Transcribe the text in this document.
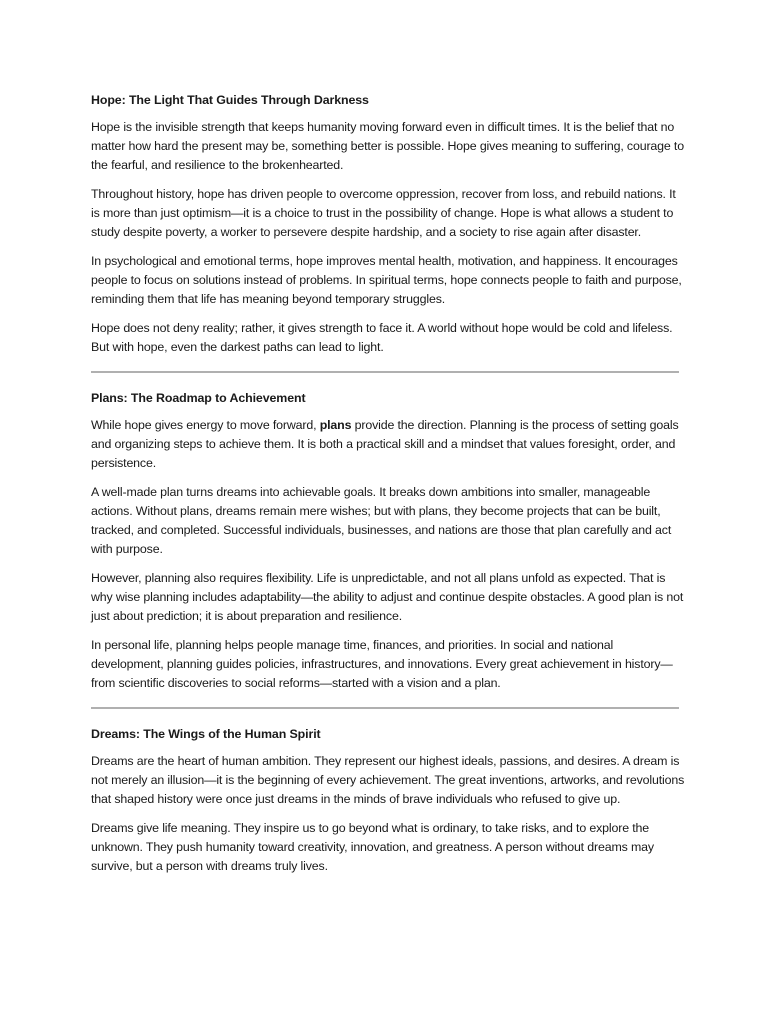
Hope: The Light That Guides Through Darkness

Hope is the invisible strength that keeps humanity moving forward even in difficult times. It is the belief that no matter how hard the present may be, something better is possible. Hope gives meaning to suffering, courage to the fearful, and resilience to the brokenhearted.

Throughout history, hope has driven people to overcome oppression, recover from loss, and rebuild nations. It is more than just optimism—it is a choice to trust in the possibility of change. Hope is what allows a student to study despite poverty, a worker to persevere despite hardship, and a society to rise again after disaster.

In psychological and emotional terms, hope improves mental health, motivation, and happiness. It encourages people to focus on solutions instead of problems. In spiritual terms, hope connects people to faith and purpose, reminding them that life has meaning beyond temporary struggles.

Hope does not deny reality; rather, it gives strength to face it. A world without hope would be cold and lifeless. But with hope, even the darkest paths can lead to light.

Plans: The Roadmap to Achievement

While hope gives energy to move forward, plans provide the direction. Planning is the process of setting goals and organizing steps to achieve them. It is both a practical skill and a mindset that values foresight, order, and persistence.

A well-made plan turns dreams into achievable goals. It breaks down ambitions into smaller, manageable actions. Without plans, dreams remain mere wishes; but with plans, they become projects that can be built, tracked, and completed. Successful individuals, businesses, and nations are those that plan carefully and act with purpose.

However, planning also requires flexibility. Life is unpredictable, and not all plans unfold as expected. That is why wise planning includes adaptability—the ability to adjust and continue despite obstacles. A good plan is not just about prediction; it is about preparation and resilience.

In personal life, planning helps people manage time, finances, and priorities. In social and national development, planning guides policies, infrastructures, and innovations. Every great achievement in history—from scientific discoveries to social reforms—started with a vision and a plan.

Dreams: The Wings of the Human Spirit

Dreams are the heart of human ambition. They represent our highest ideals, passions, and desires. A dream is not merely an illusion—it is the beginning of every achievement. The great inventions, artworks, and revolutions that shaped history were once just dreams in the minds of brave individuals who refused to give up.

Dreams give life meaning. They inspire us to go beyond what is ordinary, to take risks, and to explore the unknown. They push humanity toward creativity, innovation, and greatness. A person without dreams may survive, but a person with dreams truly lives.
